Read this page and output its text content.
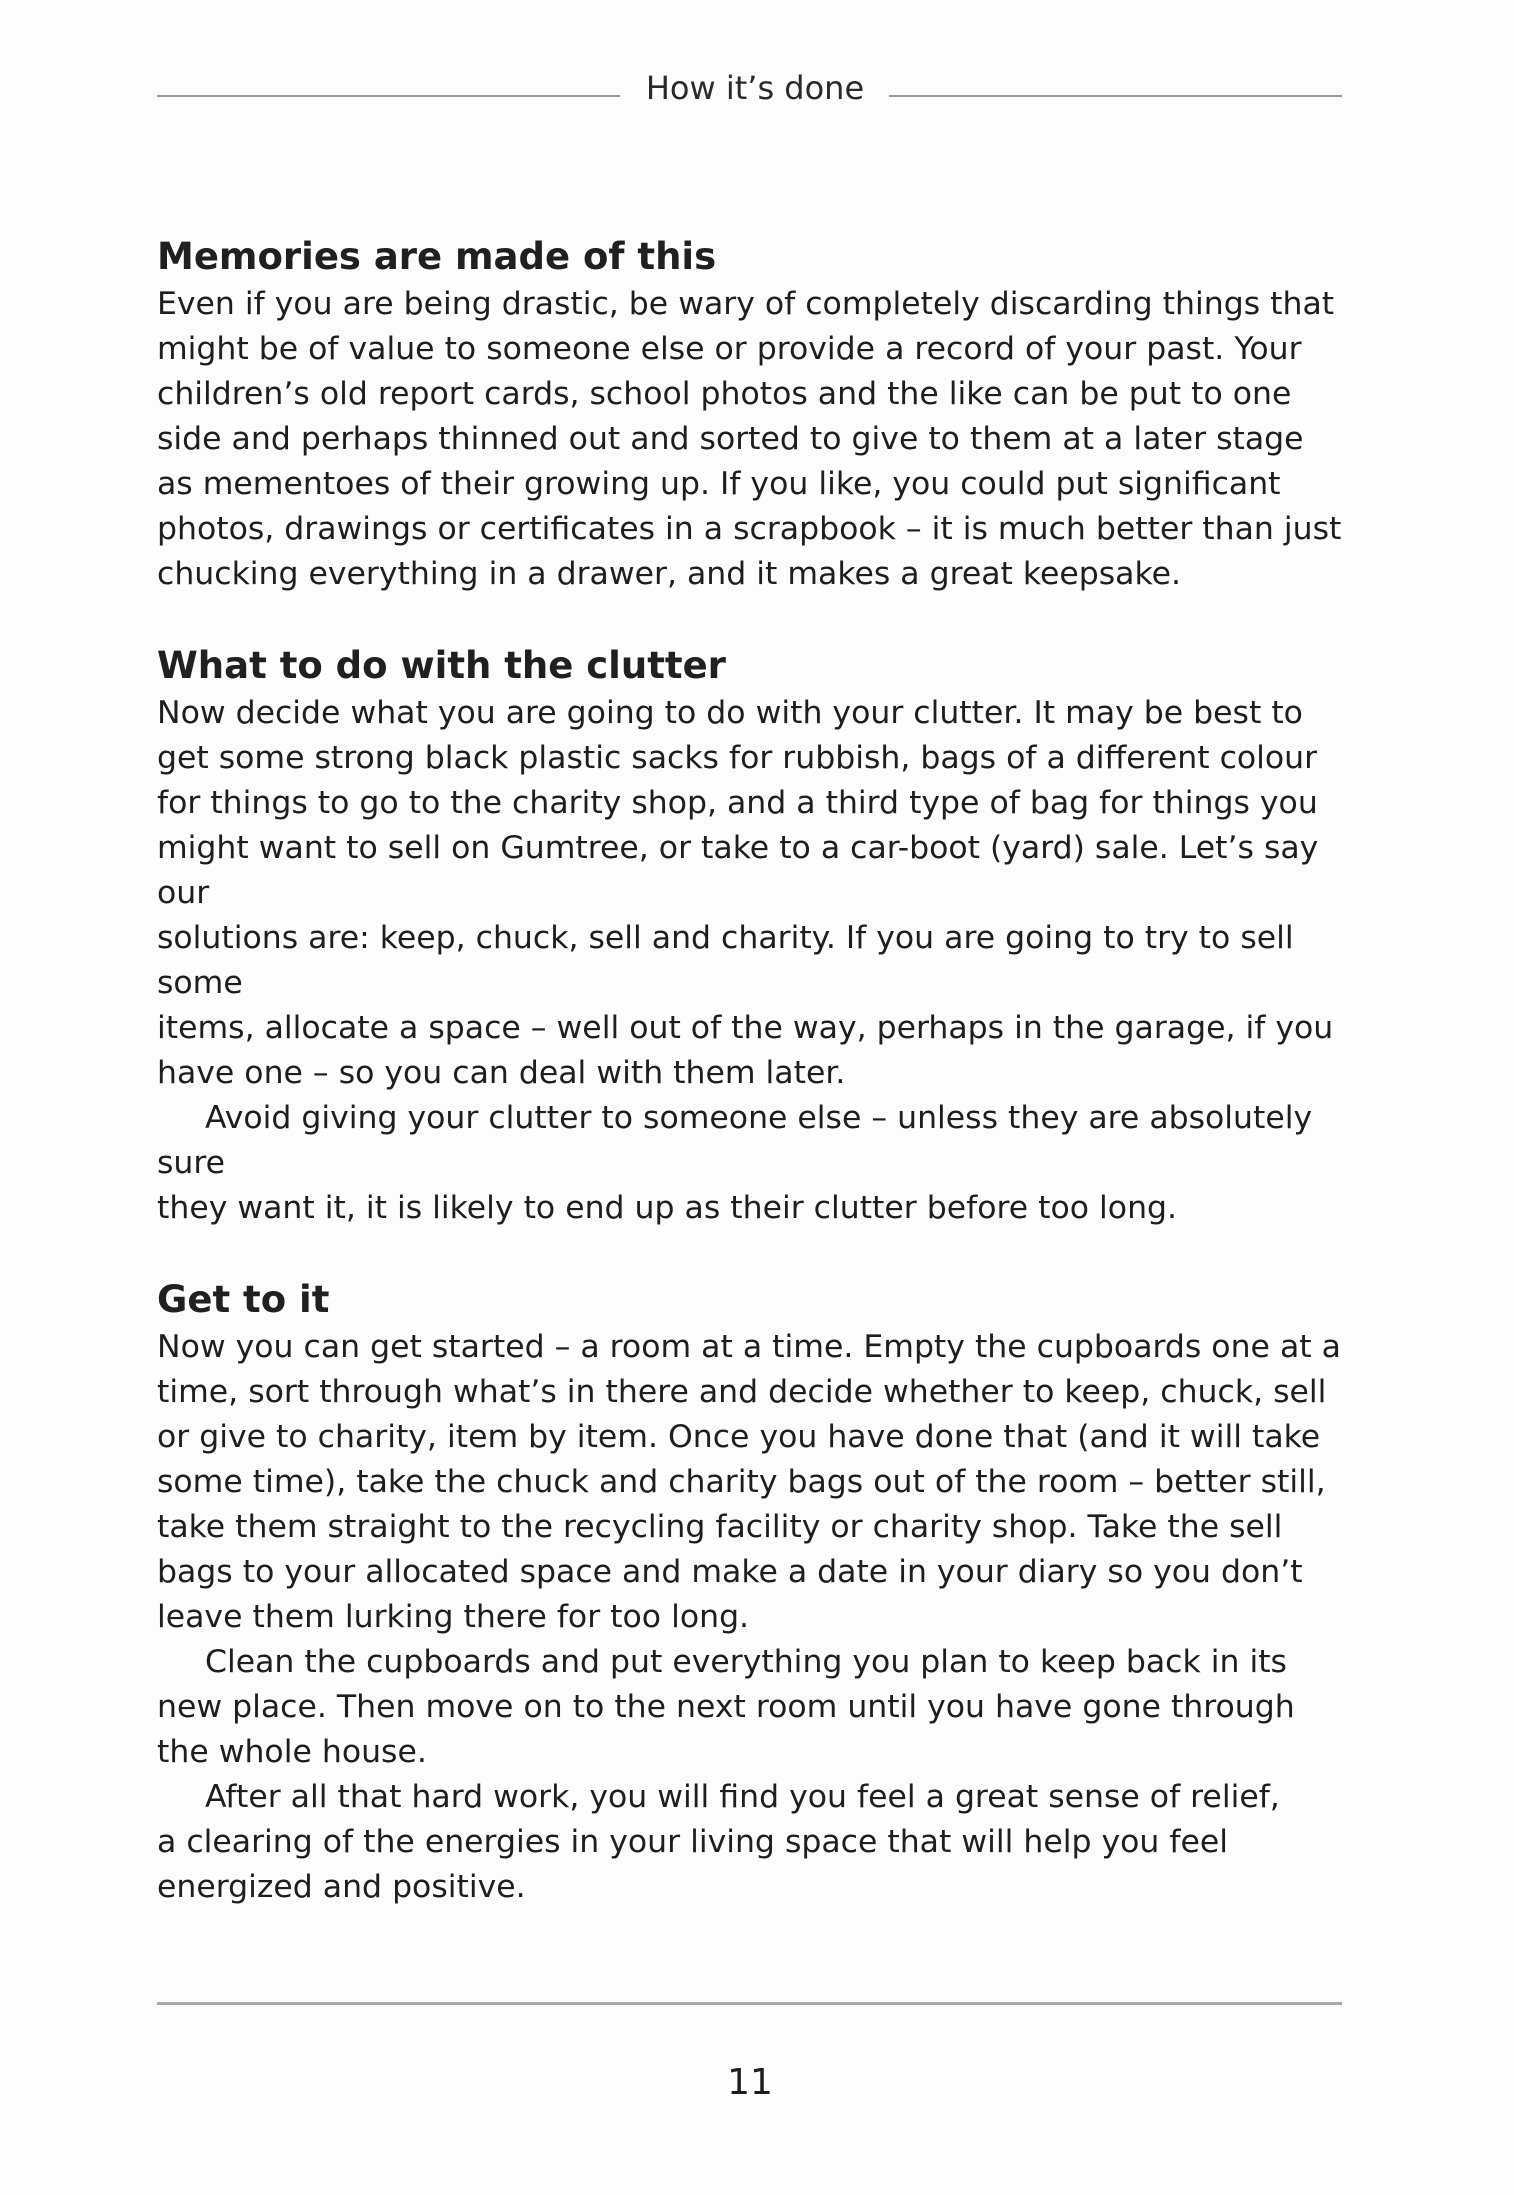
How it’s done
Memories are made of this

Even if you are being drastic, be wary of completely discarding things that
might be of value to someone else or provide a record of your past. Your
children’s old report cards, school photos and the like can be put to one
side and perhaps thinned out and sorted to give to them at a later stage
as mementoes of their growing up. If you like, you could put significant
photos, drawings or certificates in a scrapbook – it is much better than just
chucking everything in a drawer, and it makes a great keepsake.

What to do with the clutter

Now decide what you are going to do with your clutter. It may be best to
get some strong black plastic sacks for rubbish, bags of a different colour
for things to go to the charity shop, and a third type of bag for things you
might want to sell on Gumtree, or take to a car-boot (yard) sale. Let’s say our
solutions are: keep, chuck, sell and charity. If you are going to try to sell some
items, allocate a space – well out of the way, perhaps in the garage, if you
have one – so you can deal with them later.

Avoid giving your clutter to someone else – unless they are absolutely sure
they want it, it is likely to end up as their clutter before too long.

Get to it

Now you can get started – a room at a time. Empty the cupboards one at a
time, sort through what’s in there and decide whether to keep, chuck, sell
or give to charity, item by item. Once you have done that (and it will take
some time), take the chuck and charity bags out of the room – better still,
take them straight to the recycling facility or charity shop. Take the sell
bags to your allocated space and make a date in your diary so you don’t
leave them lurking there for too long.

Clean the cupboards and put everything you plan to keep back in its
new place. Then move on to the next room until you have gone through
the whole house.

After all that hard work, you will find you feel a great sense of relief,
a clearing of the energies in your living space that will help you feel
energized and positive.

11
